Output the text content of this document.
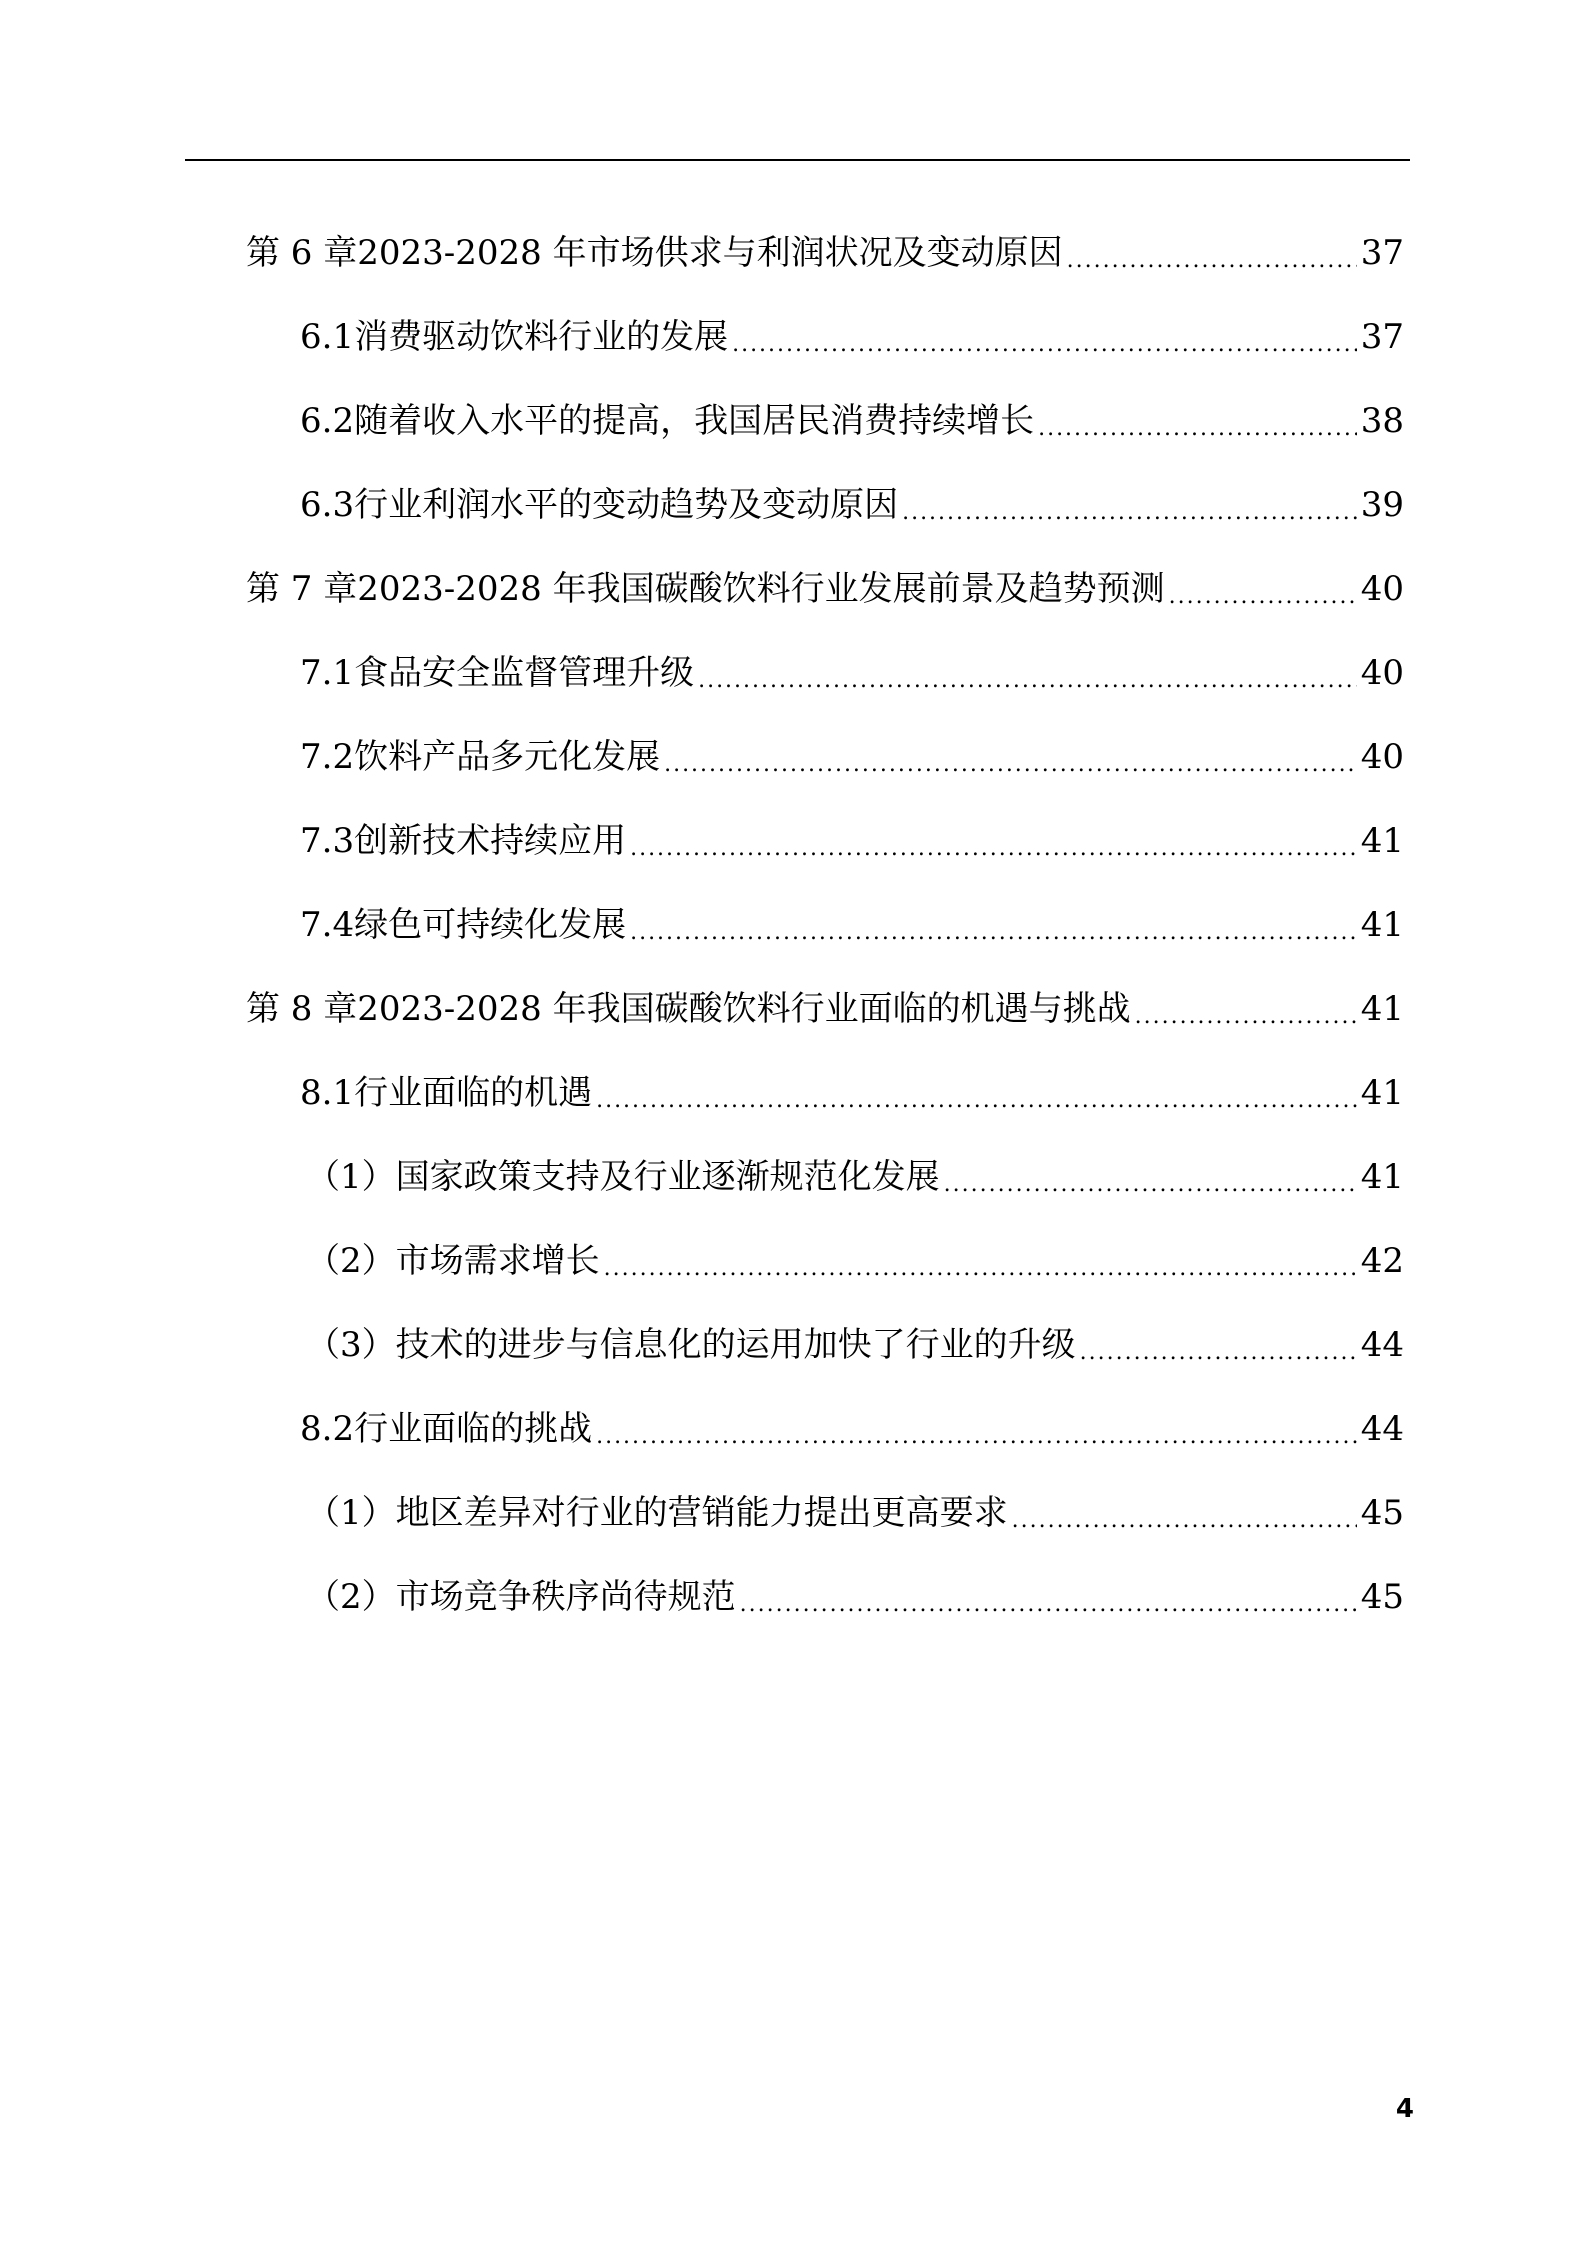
第 6 章 2023-2028 年市场供求与利润状况及变动原因 .....	37
6.1 消费驱动饮料行业的发展 .....	37
6.2 随着收入水平的提高，我国居民消费持续增长 .....	38
6.3 行业利润水平的变动趋势及变动原因 .....	39
第 7 章 2023-2028 年我国碳酸饮料行业发展前景及趋势预测 .....	40
7.1 食品安全监督管理升级 .....	40
7.2 饮料产品多元化发展 .....	40
7.3 创新技术持续应用 .....	41
7.4 绿色可持续化发展 .....	41
第 8 章 2023-2028 年我国碳酸饮料行业面临的机遇与挑战 .....	41
8.1 行业面临的机遇 .....	41
（1） 国家政策支持及行业逐渐规范化发展 .....	41
（2） 市场需求增长 .....	42
（3） 技术的进步与信息化的运用加快了行业的升级 .....	44
8.2 行业面临的挑战 .....	44
（1） 地区差异对行业的营销能力提出更高要求 .....	45
（2） 市场竞争秩序尚待规范 .....	45
4
